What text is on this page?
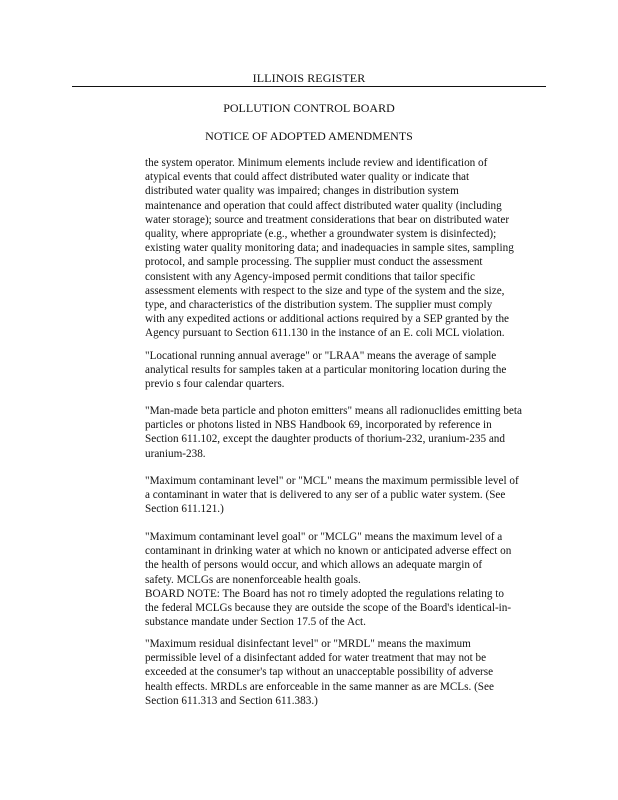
ILLINOIS REGISTER
POLLUTION CONTROL BOARD
NOTICE OF ADOPTED AMENDMENTS
the system operator. Minimum elements include review and identification of
atypical events that could affect distributed water quality or indicate that
distributed water quality was impaired; changes in distribution system
maintenance and operation that could affect distributed water quality (including
water storage); source and treatment considerations that bear on distributed water
quality, where appropriate (e.g., whether a groundwater system is disinfected);
existing water quality monitoring data; and inadequacies in sample sites, sampling
protocol, and sample processing. The supplier must conduct the assessment
consistent with any Agency-imposed permit conditions that tailor specific
assessment elements with respect to the size and type of the system and the size,
type, and characteristics of the distribution system. The supplier must comply
with any expedited actions or additional actions required by a SEP granted by the
Agency pursuant to Section 611.130 in the instance of an E. coli MCL violation.
"Locational running annual average" or "LRAA" means the average of sample
analytical results for samples taken at a particular monitoring location during the
previo s four calendar quarters.
"Man-made beta particle and photon emitters" means all radionuclides emitting beta
particles or photons listed in NBS Handbook 69, incorporated by reference in
Section 611.102, except the daughter products of thorium-232, uranium-235 and
uranium-238.
"Maximum contaminant level" or "MCL" means the maximum permissible level of
a contaminant in water that is delivered to any ser of a public water system. (See
Section 611.121.)
"Maximum contaminant level goal" or "MCLG" means the maximum level of a
contaminant in drinking water at which no known or anticipated adverse effect on
the health of persons would occur, and which allows an adequate margin of
safety. MCLGs are nonenforceable health goals.
BOARD NOTE: The Board has not ro timely adopted the regulations relating to
the federal MCLGs because they are outside the scope of the Board's identical-in-
substance mandate under Section 17.5 of the Act.
"Maximum residual disinfectant level" or "MRDL" means the maximum
permissible level of a disinfectant added for water treatment that may not be
exceeded at the consumer's tap without an unacceptable possibility of adverse
health effects. MRDLs are enforceable in the same manner as are MCLs. (See
Section 611.313 and Section 611.383.)
